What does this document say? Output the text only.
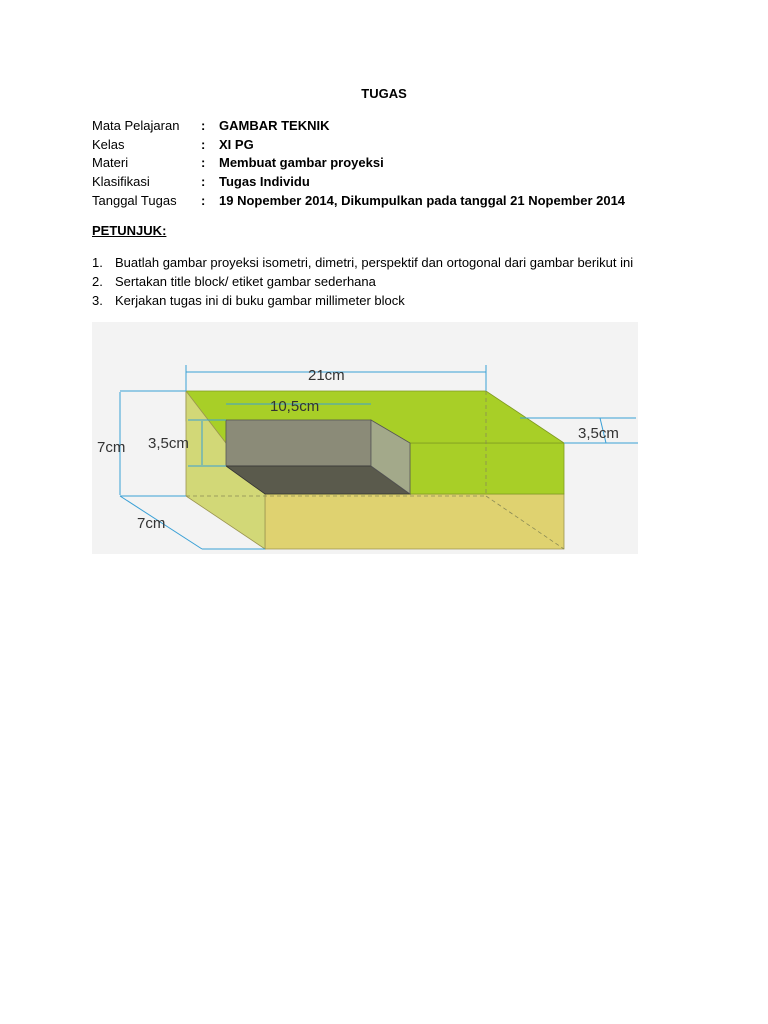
TUGAS
Mata Pelajaran : GAMBAR TEKNIK
Kelas	: XI PG
Materi	: Membuat gambar proyeksi
Klasifikasi	: Tugas Individu
Tanggal Tugas : 19 Nopember 2014, Dikumpulkan pada tanggal 21 Nopember 2014
PETUNJUK:
1. Buatlah gambar proyeksi isometri, dimetri, perspektif dan ortogonal dari gambar berikut ini
2. Sertakan title block/ etiket gambar sederhana
3. Kerjakan tugas ini di buku gambar millimeter block
21cm
10,5cm
7cm 3,5cm
7cm
3,5cm
